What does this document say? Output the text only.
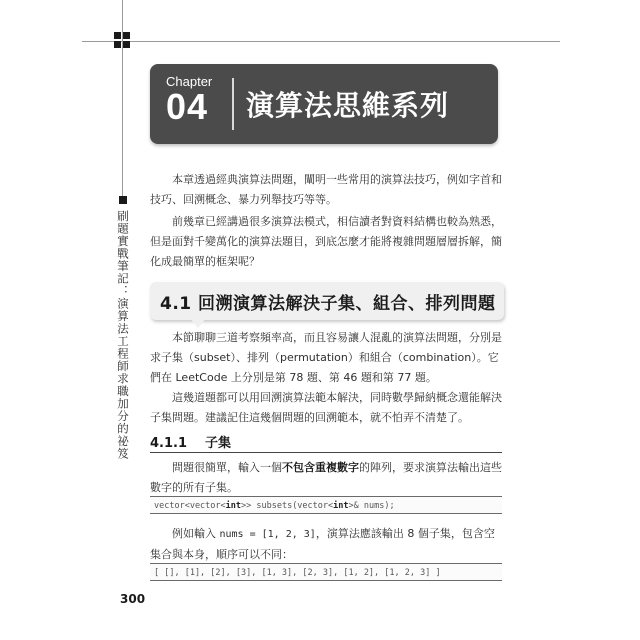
刷題實戰筆記：演算法工程師求職加分的祕笈
Chapter
04 演算法思維系列
本章透過經典演算法問題，闡明一些常用的演算法技巧，例如字首和技巧、回溯概念、暴力列舉技巧等等。
前幾章已經講過很多演算法模式，相信讀者對資料結構也較為熟悉，但是面對千變萬化的演算法題目，到底怎麼才能將複雜問題層層拆解，簡化成最簡單的框架呢？
4.1 回溯演算法解決子集、組合、排列問題
本節聊聊三道考察頻率高，而且容易讓人混亂的演算法問題，分別是求子集（subset）、排列（permutation）和組合（combination）。它們在 LeetCode 上分別是第 78 題、第 46 題和第 77 題。
這幾道題都可以用回溯演算法範本解決，同時數學歸納概念還能解決子集問題。建議記住這幾個問題的回溯範本，就不怕弄不清楚了。
4.1.1 子集
問題很簡單，輸入一個不包含重複數字的陣列，要求演算法輸出這些數字的所有子集。
vector<vector<int>> subsets(vector<int>& nums);
例如輸入 nums = [1, 2, 3]，演算法應該輸出 8 個子集，包含空集合與本身，順序可以不同：
[ [], [1], [2], [3], [1, 3], [2, 3], [1, 2], [1, 2, 3] ]
300
